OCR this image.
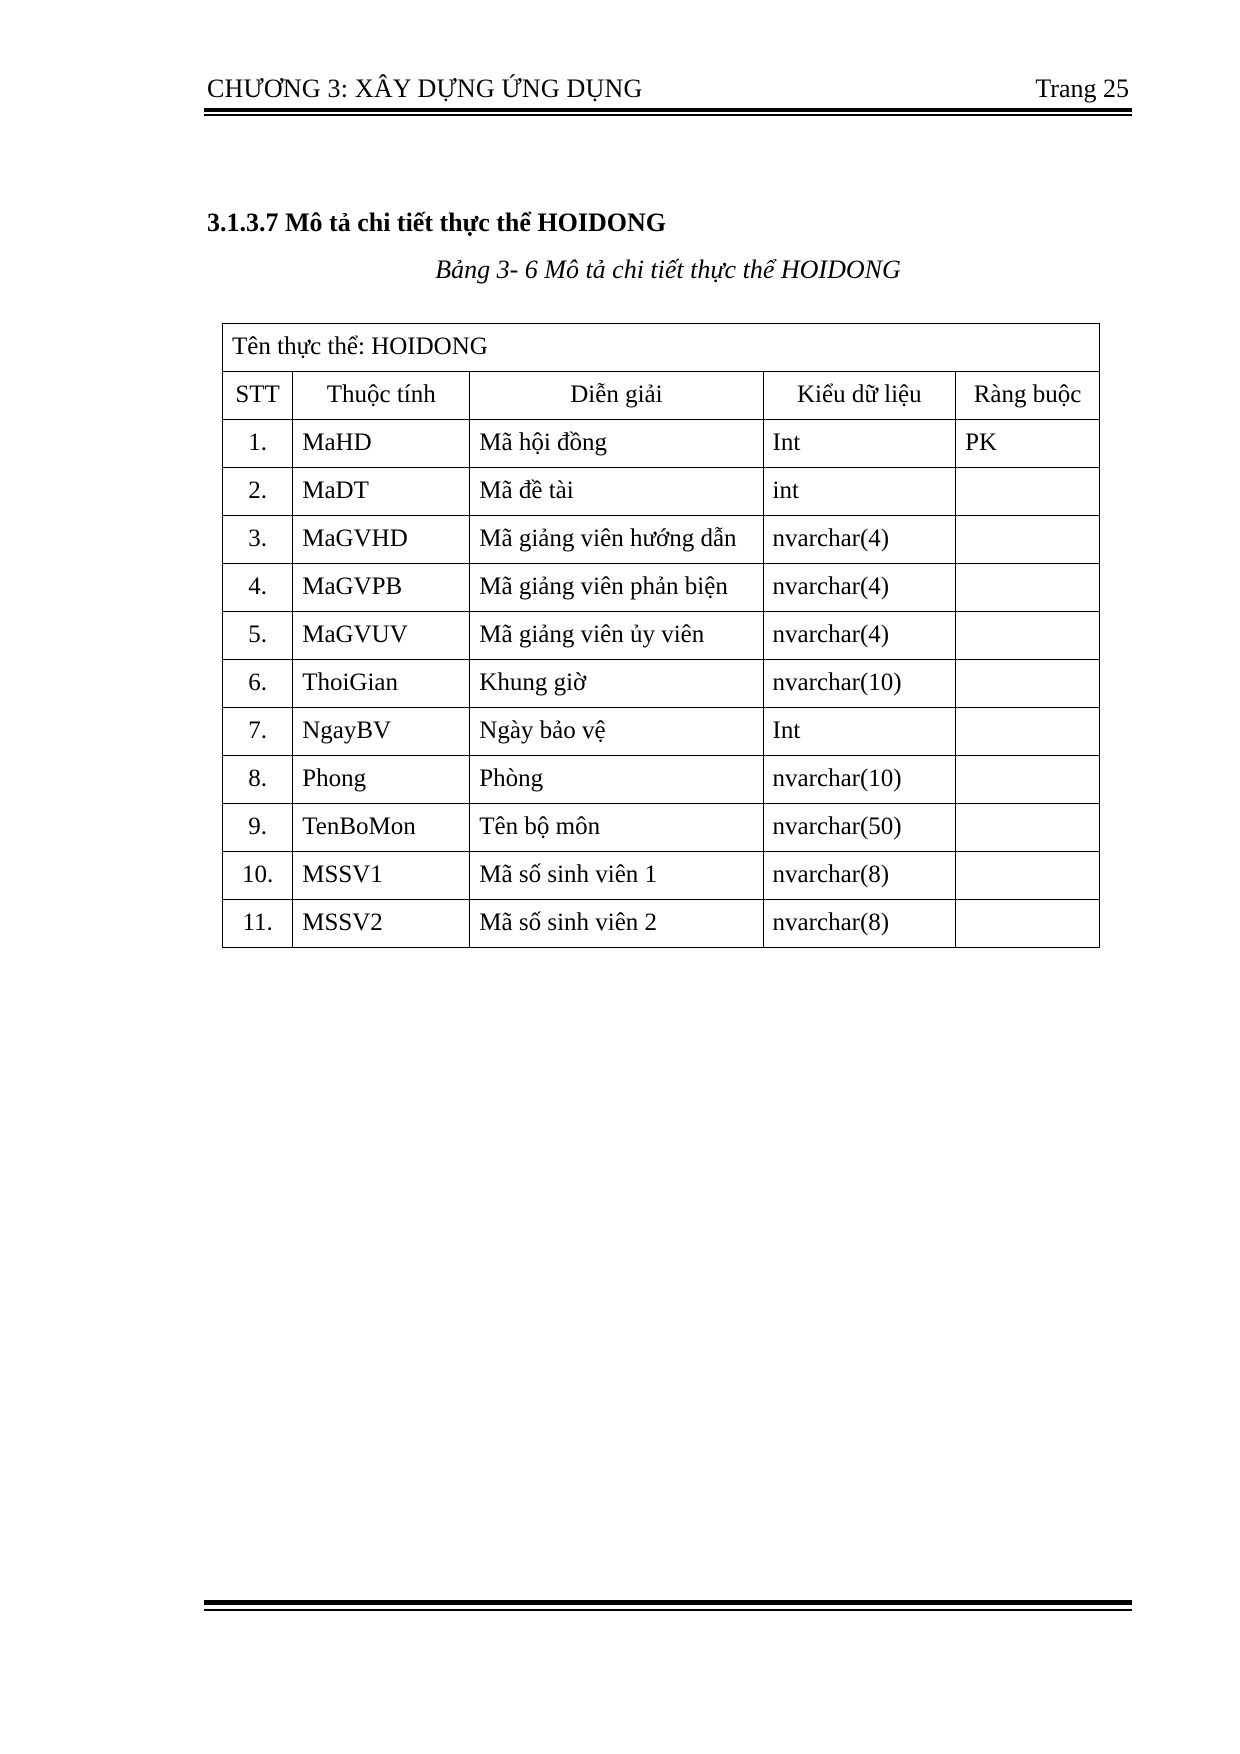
CHƯƠNG 3: XÂY DỰNG ỨNG DỤNG	Trang 25
3.1.3.7 Mô tả chi tiết thực thể HOIDONG
Bảng 3- 6 Mô tả chi tiết thực thể HOIDONG
Tên thực thể: HOIDONG				
STT	Thuộc tính	Diễn giải	Kiểu dữ liệu	Ràng buộc
1.	MaHD	Mã hội đồng	Int	PK
2.	MaDT	Mã đề tài	int	
3.	MaGVHD	Mã giảng viên hướng dẫn	nvarchar(4)	
4.	MaGVPB	Mã giảng viên phản biện	nvarchar(4)	
5.	MaGVUV	Mã giảng viên ủy viên	nvarchar(4)	
6.	ThoiGian	Khung giờ	nvarchar(10)	
7.	NgayBV	Ngày bảo vệ	Int	
8.	Phong	Phòng	nvarchar(10)	
9.	TenBoMon	Tên bộ môn	nvarchar(50)	
10.	MSSV1	Mã số sinh viên 1	nvarchar(8)	
11.	MSSV2	Mã số sinh viên 2	nvarchar(8)	
